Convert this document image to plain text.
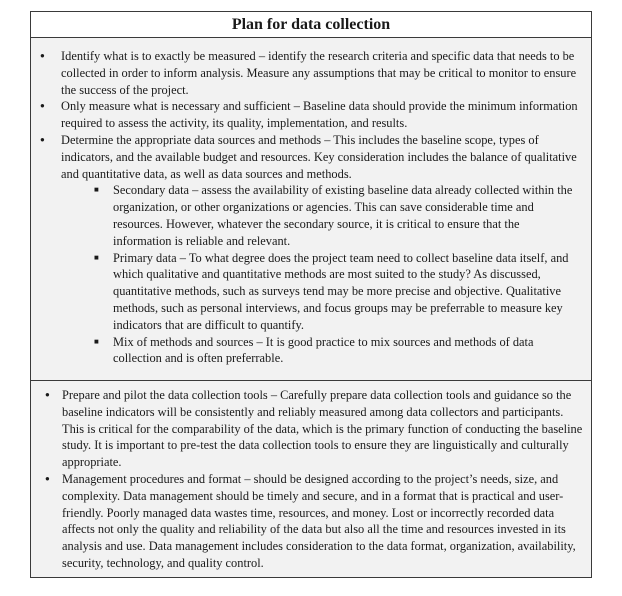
Plan for data collection
● Identify what is to exactly be measured – identify the research criteria and specific data that needs to be collected in order to inform analysis. Measure any assumptions that may be critical to monitor to ensure the success of the project.
● Only measure what is necessary and sufficient – Baseline data should provide the minimum information required to assess the activity, its quality, implementation, and results.
● Determine the appropriate data sources and methods – This includes the baseline scope, types of indicators, and the available budget and resources. Key consideration includes the balance of qualitative and quantitative data, as well as data sources and methods.
■ Secondary data – assess the availability of existing baseline data already collected within the organization, or other organizations or agencies. This can save considerable time and resources. However, whatever the secondary source, it is critical to ensure that the information is reliable and relevant.
■ Primary data – To what degree does the project team need to collect baseline data itself, and which qualitative and quantitative methods are most suited to the study? As discussed, quantitative methods, such as surveys tend may be more precise and objective. Qualitative methods, such as personal interviews, and focus groups may be preferrable to measure key indicators that are difficult to quantify.
■ Mix of methods and sources – It is good practice to mix sources and methods of data collection and is often preferrable.
● Prepare and pilot the data collection tools – Carefully prepare data collection tools and guidance so the baseline indicators will be consistently and reliably measured among data collectors and participants. This is critical for the comparability of the data, which is the primary function of conducting the baseline study. It is important to pre-test the data collection tools to ensure they are linguistically and culturally appropriate.
● Management procedures and format – should be designed according to the project’s needs, size, and complexity. Data management should be timely and secure, and in a format that is practical and user-friendly. Poorly managed data wastes time, resources, and money. Lost or incorrectly recorded data affects not only the quality and reliability of the data but also all the time and resources invested in its analysis and use. Data management includes consideration to the data format, organization, availability, security, technology, and quality control.
